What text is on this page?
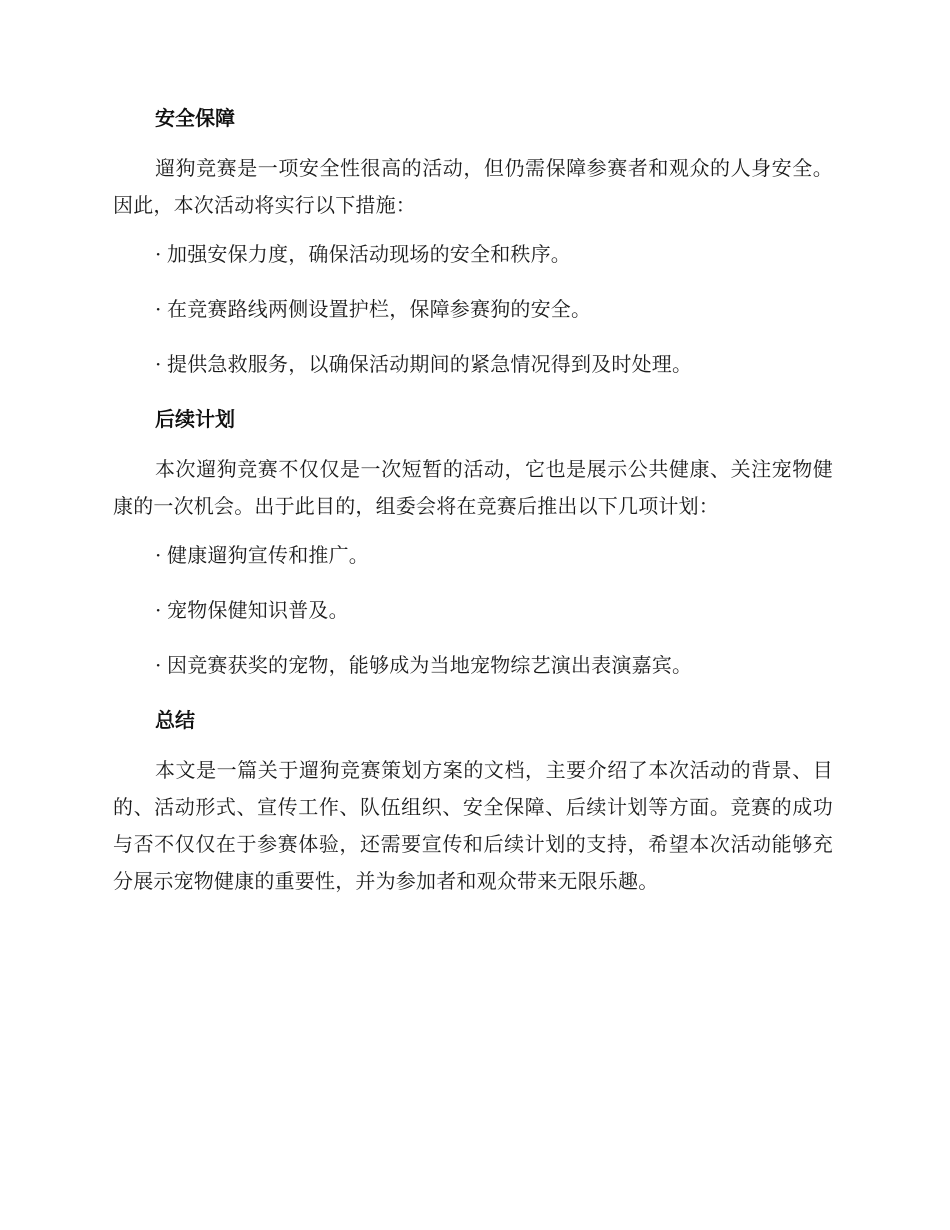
安全保障

遛狗竞赛是一项安全性很高的活动，但仍需保障参赛者和观众的人身安全。因此，本次活动将实行以下措施：

· 加强安保力度，确保活动现场的安全和秩序。
· 在竞赛路线两侧设置护栏，保障参赛狗的安全。
· 提供急救服务，以确保活动期间的紧急情况得到及时处理。
后续计划

本次遛狗竞赛不仅仅是一次短暂的活动，它也是展示公共健康、关注宠物健康的一次机会。出于此目的，组委会将在竞赛后推出以下几项计划：

· 健康遛狗宣传和推广。
· 宠物保健知识普及。
· 因竞赛获奖的宠物，能够成为当地宠物综艺演出表演嘉宾。
总结

本文是一篇关于遛狗竞赛策划方案的文档，主要介绍了本次活动的背景、目的、活动形式、宣传工作、队伍组织、安全保障、后续计划等方面。竞赛的成功与否不仅仅在于参赛体验，还需要宣传和后续计划的支持，希望本次活动能够充分展示宠物健康的重要性，并为参加者和观众带来无限乐趣。
